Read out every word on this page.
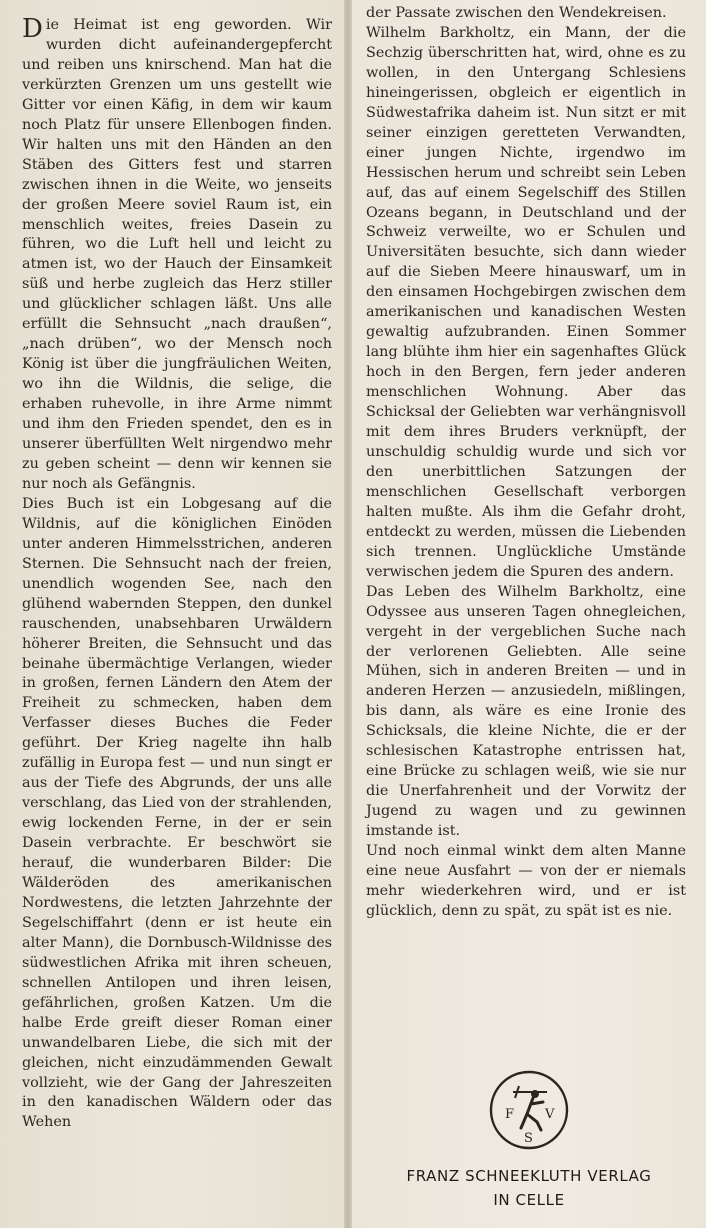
Die Heimat ist eng geworden. Wir wurden dicht aufeinandergepfercht und reiben uns knirschend. Man hat die verkürzten Grenzen um uns gestellt wie Gitter vor einen Käfig, in dem wir kaum noch Platz für unsere Ellenbogen finden. Wir halten uns mit den Händen an den Stäben des Gitters fest und starren zwischen ihnen in die Weite, wo jenseits der großen Meere soviel Raum ist, ein menschlich weites, freies Dasein zu führen, wo die Luft hell und leicht zu atmen ist, wo der Hauch der Einsamkeit süß und herbe zugleich das Herz stiller und glücklicher schlagen läßt. Uns alle erfüllt die Sehnsucht „nach draußen“, „nach drüben“, wo der Mensch noch König ist über die jungfräulichen Weiten, wo ihn die Wildnis, die selige, die erhaben ruhevolle, in ihre Arme nimmt und ihm den Frieden spendet, den es in unserer überfüllten Welt nirgendwo mehr zu geben scheint — denn wir kennen sie nur noch als Gefängnis.

Dies Buch ist ein Lobgesang auf die Wildnis, auf die königlichen Einöden unter anderen Himmelsstrichen, anderen Sternen. Die Sehnsucht nach der freien, unendlich wogenden See, nach den glühend wabernden Steppen, den dunkel rauschenden, unabsehbaren Urwäldern höherer Breiten, die Sehnsucht und das beinahe übermächtige Verlangen, wieder in großen, fernen Ländern den Atem der Freiheit zu schmecken, haben dem Verfasser dieses Buches die Feder geführt. Der Krieg nagelte ihn halb zufällig in Europa fest — und nun singt er aus der Tiefe des Abgrunds, der uns alle verschlang, das Lied von der strahlenden, ewig lockenden Ferne, in der er sein Dasein verbrachte. Er beschwört sie herauf, die wunderbaren Bilder: Die Wälderöden des amerikanischen Nordwestens, die letzten Jahrzehnte der Segelschiffahrt (denn er ist heute ein alter Mann), die Dornbusch-Wildnisse des südwestlichen Afrika mit ihren scheuen, schnellen Antilopen und ihren leisen, gefährlichen, großen Katzen. Um die halbe Erde greift dieser Roman einer unwandelbaren Liebe, die sich mit der gleichen, nicht einzudämmenden Gewalt vollzieht, wie der Gang der Jahreszeiten in den kanadischen Wäldern oder das Wehen

der Passate zwischen den Wendekreisen.

Wilhelm Barkholtz, ein Mann, der die Sechzig überschritten hat, wird, ohne es zu wollen, in den Untergang Schlesiens hineingerissen, obgleich er eigentlich in Südwestafrika daheim ist. Nun sitzt er mit seiner einzigen geretteten Verwandten, einer jungen Nichte, irgendwo im Hessischen herum und schreibt sein Leben auf, das auf einem Segelschiff des Stillen Ozeans begann, in Deutschland und der Schweiz verweilte, wo er Schulen und Universitäten besuchte, sich dann wieder auf die Sieben Meere hinauswarf, um in den einsamen Hochgebirgen zwischen dem amerikanischen und kanadischen Westen gewaltig aufzubranden. Einen Sommer lang blühte ihm hier ein sagenhaftes Glück hoch in den Bergen, fern jeder anderen menschlichen Wohnung. Aber das Schicksal der Geliebten war verhängnisvoll mit dem ihres Bruders verknüpft, der unschuldig schuldig wurde und sich vor den unerbittlichen Satzungen der menschlichen Gesellschaft verborgen halten mußte. Als ihm die Gefahr droht, entdeckt zu werden, müssen die Liebenden sich trennen. Unglückliche Umstände verwischen jedem die Spuren des andern.

Das Leben des Wilhelm Barkholtz, eine Odyssee aus unseren Tagen ohnegleichen, vergeht in der vergeblichen Suche nach der verlorenen Geliebten. Alle seine Mühen, sich in anderen Breiten — und in anderen Herzen — anzusiedeln, mißlingen, bis dann, als wäre es eine Ironie des Schicksals, die kleine Nichte, die er der schlesischen Katastrophe entrissen hat, eine Brücke zu schlagen weiß, wie sie nur die Unerfahrenheit und der Vorwitz der Jugend zu wagen und zu gewinnen imstande ist.

Und noch einmal winkt dem alten Manne eine neue Ausfahrt — von der er niemals mehr wiederkehren wird, und er ist glücklich, denn zu spät, zu spät ist es nie.

F
S
V
FRANZ SCHNEEKLUTH VERLAG
IN CELLE
